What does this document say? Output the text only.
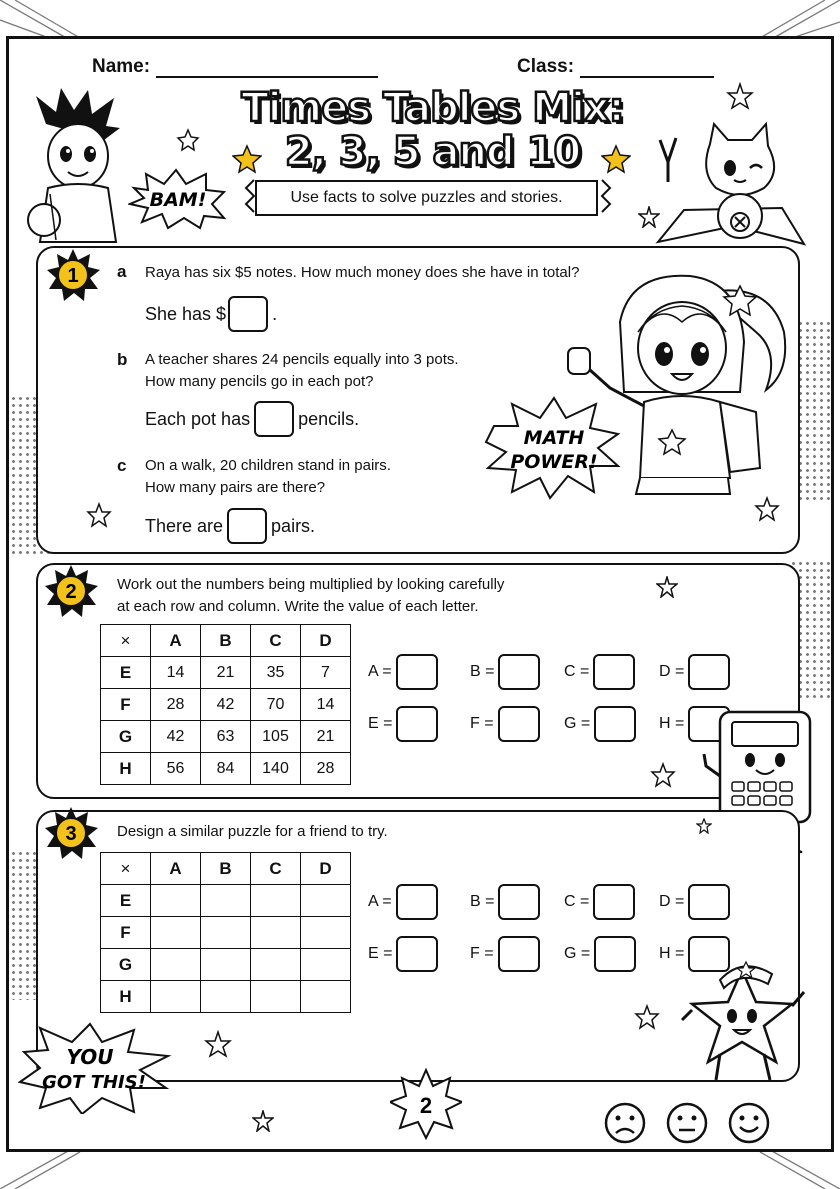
Name:	Class:
Times Tables Mix:
2, 3, 5 and 10
Use facts to solve puzzles and stories.
BAM!
1 a Raya has six $5 notes. How much money does she have in total?
She has $	.
b A teacher shares 24 pencils equally into 3 pots.
How many pencils go in each pot?
Each pot has	pencils.
c On a walk, 20 children stand in pairs.
How many pairs are there?
There are	pairs.
MATH
POWER!
2	Work out the numbers being multiplied by looking carefully
at each row and column. Write the value of each letter.
×	A	B	C	D
E	14	21	35	7
F	28	42	70	14
G	42	63	105	21
H	56	84	140	28
A =	B =	C =	D =
E =	F =	G =	H =
3	Design a similar puzzle for a friend to try.
×	A	B	C	D
E				
F				
G				
H				
A =	B =	C =	D =
E =	F =	G =	H =
YOU
GOT THIS!
2
